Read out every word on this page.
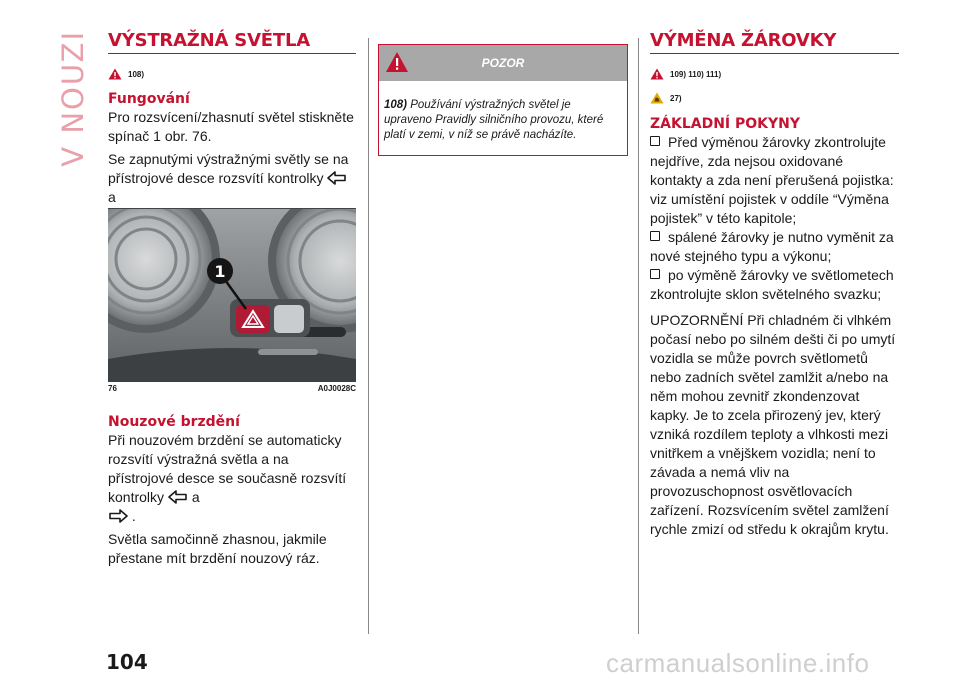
V NOUZI VÝSTRAŽNÁ SVĚTLA
108)
Fungování

Pro rozsvícení/zhasnutí světel stiskněte spínač 1 obr. 76.

Se zapnutými výstražnými světly se na přístrojové desce rozsvítí kontrolky  a

1
76	A0J0028C
Nouzové brzdění

Při nouzovém brzdění se automaticky rozsvítí výstražná světla a na přístrojové desce se současně rozsvítí kontrolky a
.

Světla samočinně zhasnou, jakmile přestane mít brzdění nouzový ráz.

POZOR
108) Používání výstražných světel je upraveno Pravidly silničního provozu, které platí v zemi, v níž se právě nacházíte.
VÝMĚNA ŽÁROVKY
109) 110) 111)
27)
ZÁKLADNÍ POKYNY

Před výměnou žárovky zkontrolujte nejdříve, zda nejsou oxidované kontakty a zda není přerušená pojistka: viz umístění pojistek v oddíle “Výměna pojistek” v této kapitole;

spálené žárovky je nutno vyměnit za nové stejného typu a výkonu;

po výměně žárovky ve světlometech zkontrolujte sklon světelného svazku;

UPOZORNĚNÍ Při chladném či vlhkém počasí nebo po silném dešti či po umytí vozidla se může povrch světlometů nebo zadních světel zamlžit a/nebo na něm mohou zevnitř zkondenzovat kapky. Je to zcela přirozený jev, který vzniká rozdílem teploty a vlhkosti mezi vnitřkem a vnějškem vozidla; není to závada a nemá vliv na provozuschopnost osvětlovacích zařízení. Rozsvícením světel zamlžení rychle zmizí od středu k okrajům krytu.

104	carmanualsonline.info
